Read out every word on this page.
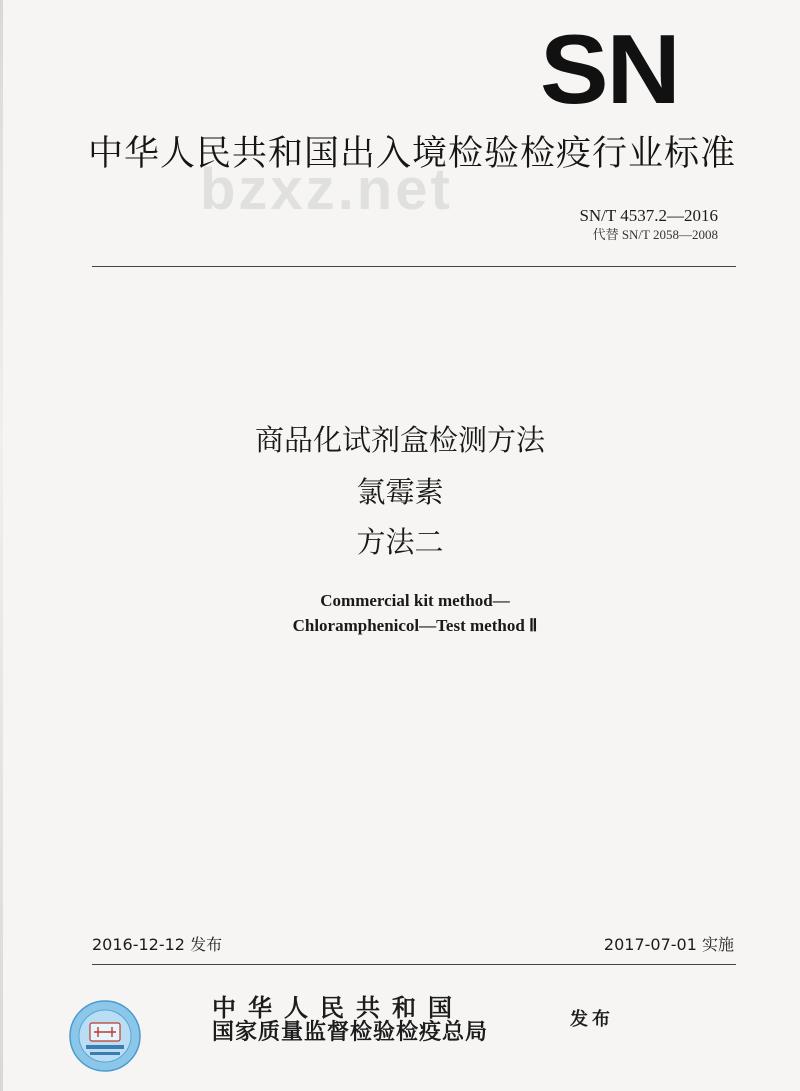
SN
中华人民共和国出入境检验检疫行业标准
bzxz.net	SN/T 4537.2—2016
代替 SN/T 2058—2008
商品化试剂盒检测方法
氯霉素
方法二
Commercial kit method—
Chloramphenicol—Test method Ⅱ
2016-12-12 发布	2017-07-01 实施
中华人民共和国
国家质量监督检验检疫总局	发布
